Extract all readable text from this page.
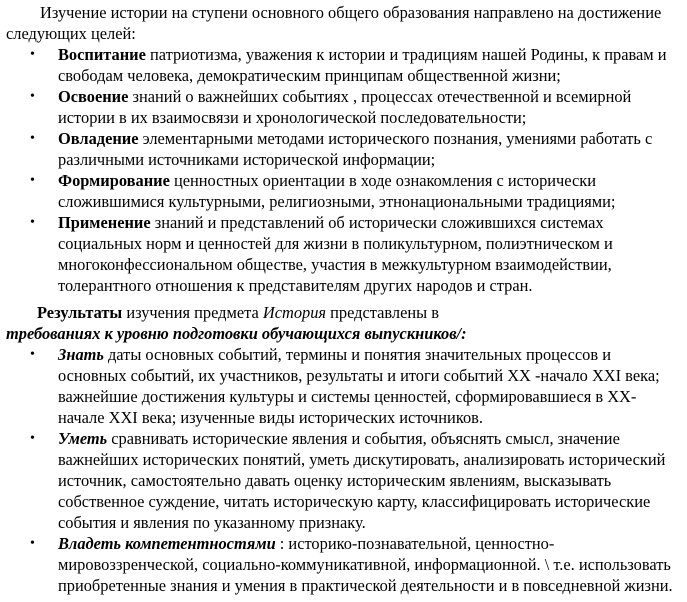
Изучение истории на ступени основного общего образования направлено на достижение следующих целей:

• Воспитание патриотизма, уважения к истории и традициям нашей Родины, к правам и свободам человека, демократическим принципам общественной жизни;
• Освоение знаний о важнейших событиях , процессах отечественной и всемирной истории в их взаимосвязи и хронологической последовательности;
• Овладение элементарными методами исторического познания, умениями работать с различными источниками исторической информации;
• Формирование ценностных ориентации в ходе ознакомления с исторически сложившимися культурными, религиозными, этнонациональными традициями;
• Применение знаний и представлений об исторически сложившихся системах социальных норм и ценностей для жизни в поликультурном, полиэтническом и многоконфессиональном обществе, участия в межкультурном взаимодействии, толерантного отношения к представителям других народов и стран.

Результаты изучения предмета История представлены в
требованиях к уровню подготовки обучающихся выпускников/:

• Знать даты основных событий, термины и понятия значительных процессов и основных событий, их участников, результаты и итоги событий XX -начало XXI века; важнейшие достижения культуры и системы ценностей, сформировавшиеся в XX- начале XXI века; изученные виды исторических источников.
• Уметь сравнивать исторические явления и события, объяснять смысл, значение важнейших исторических понятий, уметь дискутировать, анализировать исторический источник, самостоятельно давать оценку историческим явлениям, высказывать собственное суждение, читать историческую карту, классифицировать исторические события и явления по указанному признаку.
• Владеть компетентностями : историко-познавательной, ценностно-мировоззренческой, социально-коммуникативной, информационной. \ т.е. использовать приобретенные знания и умения в практической деятельности и в повседневной жизни.
